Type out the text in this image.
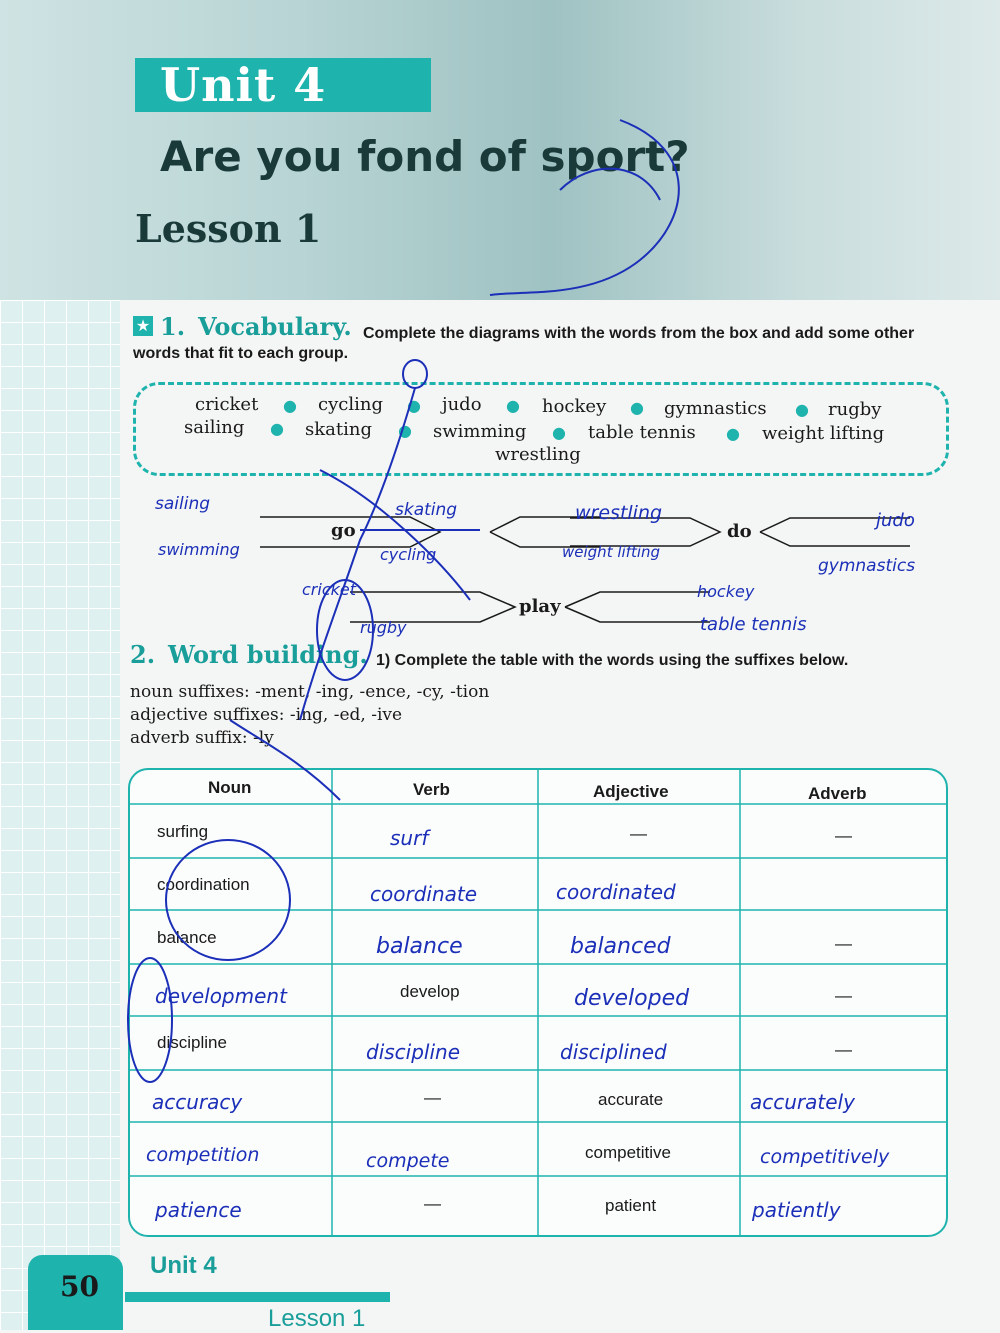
Unit 4
Are you fond of sport?
Lesson 1
★ 1. Vocabulary. Complete the diagrams with the words from the box and add some other words that fit to each group.
cricket ● cycling ● judo ● hockey ● gymnastics ● rugby
sailing ● skating ● swimming ● table tennis ● weight lifting
wrestling
go	do
play
sailing
swimming
skating
cycling
wrestling
weight lifting
judo
gymnastics
cricket
rugby
hockey
table tennis
2. Word building. 1) Complete the table with the words using the suffixes below.
noun suffixes: -ment, -ing, -ence, -cy, -tion
adjective suffixes: -ing, -ed, -ive
adverb suffix: -ly
Noun	Verb	Adjective	Adverb
surfing	surf	—	—
coordination	coordinate	coordinated
balance	balance	balanced	—
development	develop	developed	—
discipline	discipline	disciplined	—
accuracy	—	accurate	accurately
competition	compete	competitive	competitively
patience	—	patient	patiently
50
Unit 4
Lesson 1
